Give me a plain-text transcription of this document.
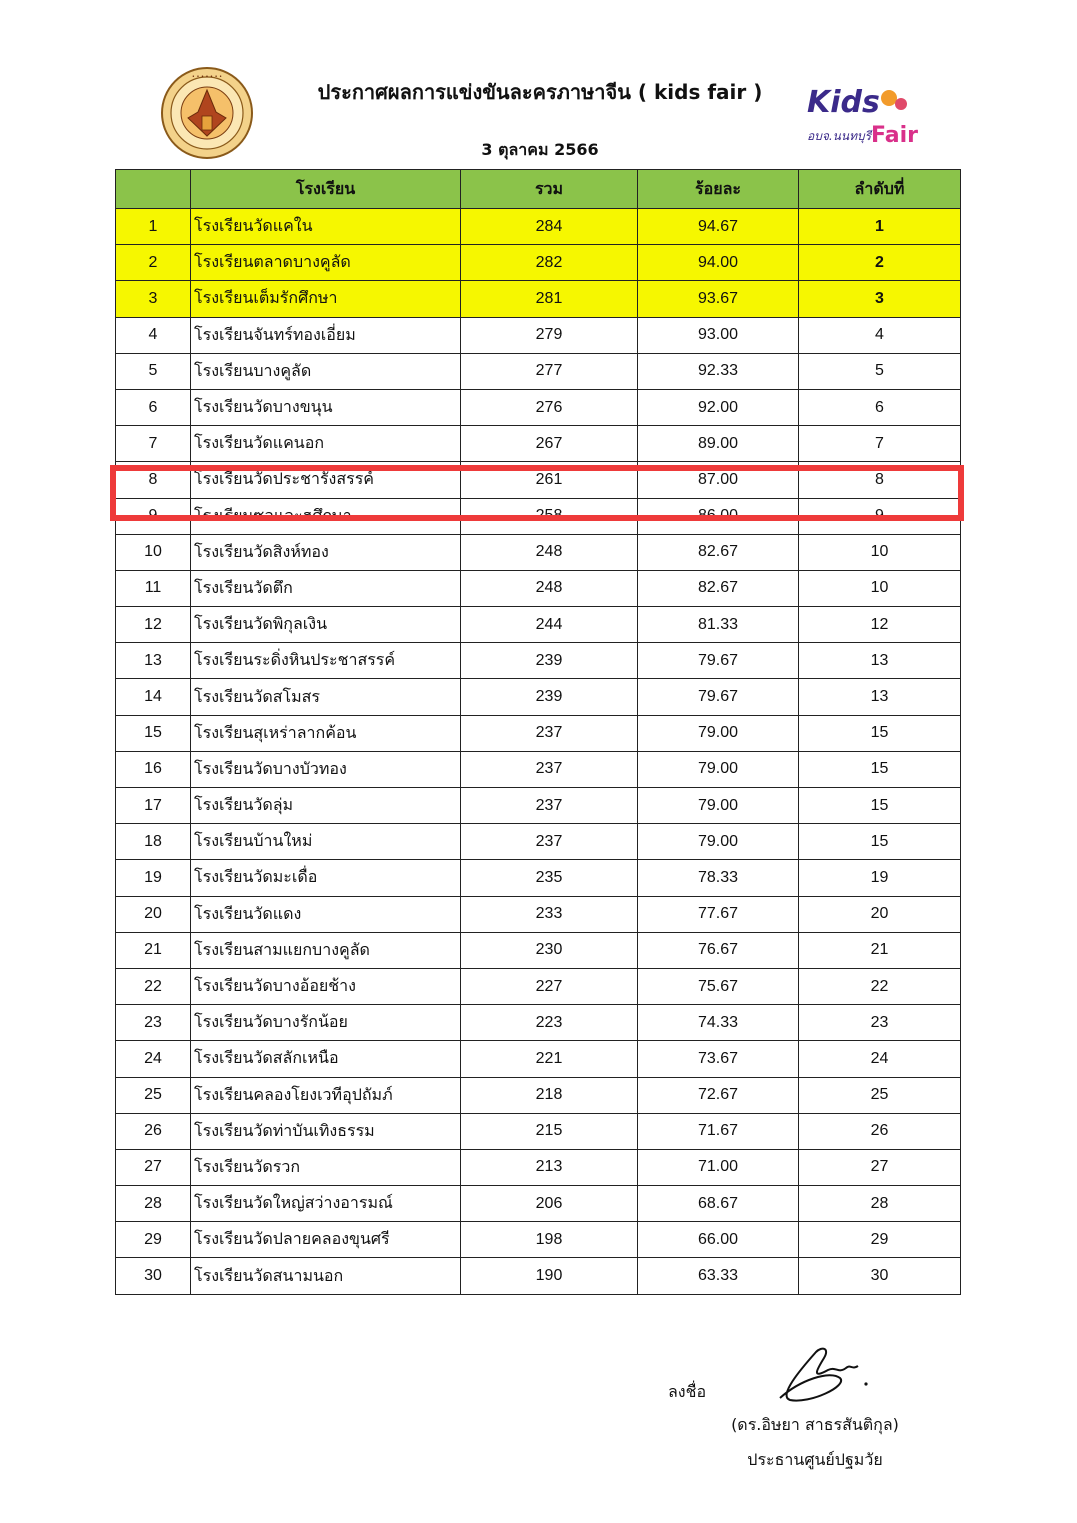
• • • • • • •
ประกาศผลการแข่งขันละครภาษาจีน ( kids fair )
3 ตุลาคม 2566
Kids
อบจ.นนทบุรี Fair
	โรงเรียน	รวม	ร้อยละ	ลำดับที่
1	โรงเรียนวัดแคใน	284	94.67	1
2	โรงเรียนตลาดบางคูลัด	282	94.00	2
3	โรงเรียนเต็มรักศึกษา	281	93.67	3
4	โรงเรียนจันทร์ทองเอี่ยม	279	93.00	4
5	โรงเรียนบางคูลัด	277	92.33	5
6	โรงเรียนวัดบางขนุน	276	92.00	6
7	โรงเรียนวัดแคนอก	267	89.00	7
8	โรงเรียนวัดประชารังสรรค์	261	87.00	8
9	โรงเรียนซอและฮศึกษา	258	86.00	9
10	โรงเรียนวัดสิงห์ทอง	248	82.67	10
11	โรงเรียนวัดตึก	248	82.67	10
12	โรงเรียนวัดพิกุลเงิน	244	81.33	12
13	โรงเรียนระดิ่งหินประชาสรรค์	239	79.67	13
14	โรงเรียนวัดสโมสร	239	79.67	13
15	โรงเรียนสุเหร่าลากค้อน	237	79.00	15
16	โรงเรียนวัดบางบัวทอง	237	79.00	15
17	โรงเรียนวัดลุ่ม	237	79.00	15
18	โรงเรียนบ้านใหม่	237	79.00	15
19	โรงเรียนวัดมะเดื่อ	235	78.33	19
20	โรงเรียนวัดแดง	233	77.67	20
21	โรงเรียนสามแยกบางคูลัด	230	76.67	21
22	โรงเรียนวัดบางอ้อยช้าง	227	75.67	22
23	โรงเรียนวัดบางรักน้อย	223	74.33	23
24	โรงเรียนวัดสลักเหนือ	221	73.67	24
25	โรงเรียนคลองโยงเวทีอุปถัมภ์	218	72.67	25
26	โรงเรียนวัดท่าบันเทิงธรรม	215	71.67	26
27	โรงเรียนวัดรวก	213	71.00	27
28	โรงเรียนวัดใหญ่สว่างอารมณ์	206	68.67	28
29	โรงเรียนวัดปลายคลองขุนศรี	198	66.00	29
30	โรงเรียนวัดสนามนอก	190	63.33	30
ลงชื่อ
(ดร.อิษยา สาธรสันติกุล)
ประธานศูนย์ปฐมวัย
